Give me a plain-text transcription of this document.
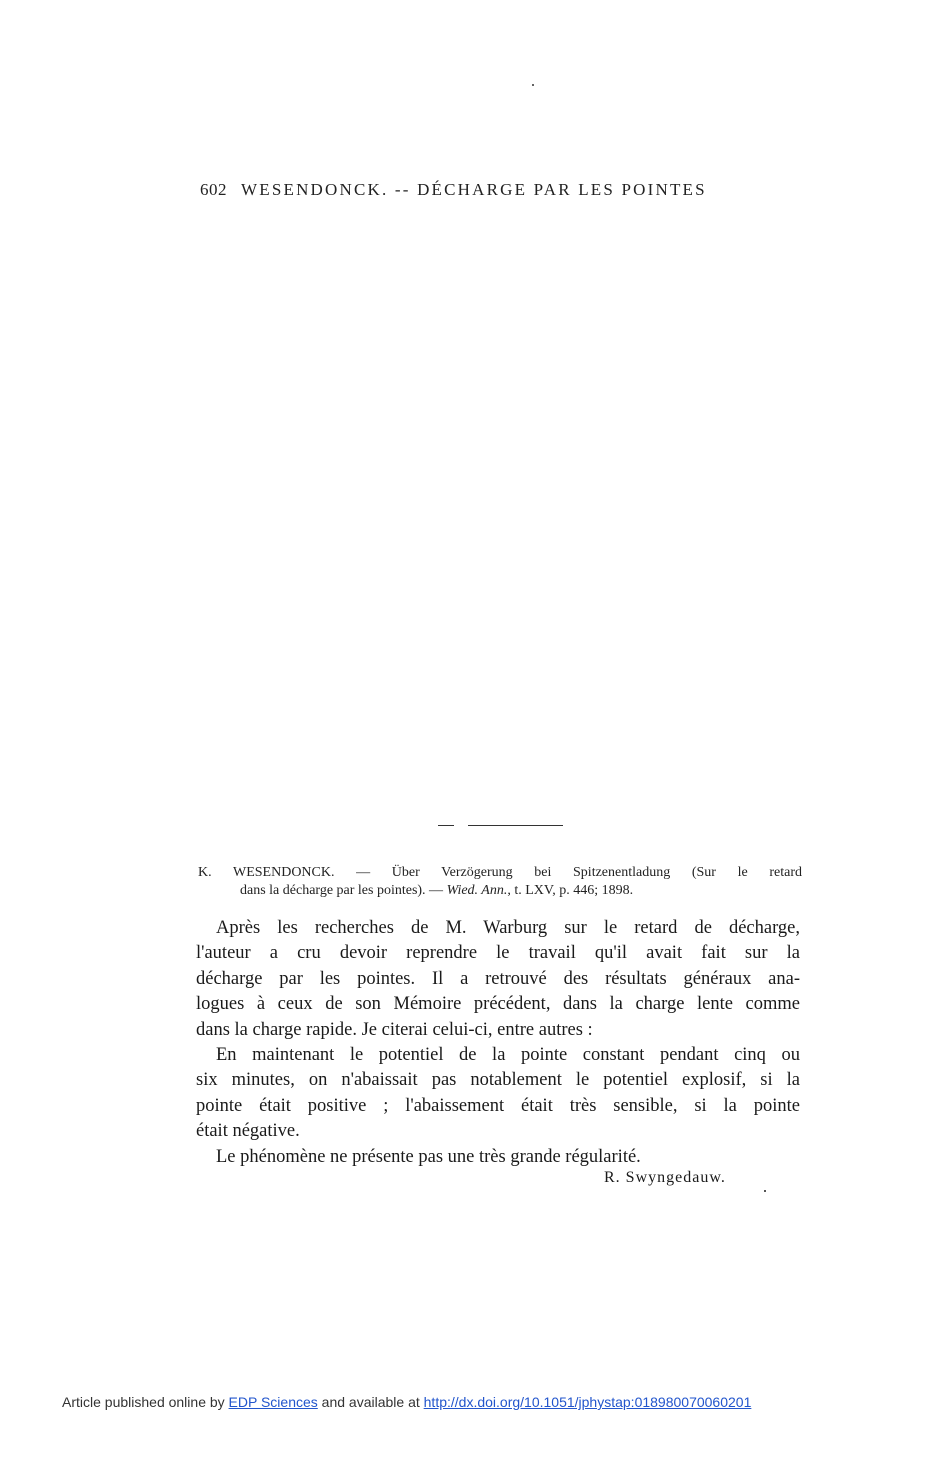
602 WESENDONCK. -- DÉCHARGE PAR LES POINTES
K. WESENDONCK. — Über Verzögerung bei Spitzenentladung (Sur le retard
dans la décharge par les pointes). — Wied. Ann., t. LXV, p. 446; 1898.
Après les recherches de M. Warburg sur le retard de décharge,
l'auteur a cru devoir reprendre le travail qu'il avait fait sur la
décharge par les pointes. Il a retrouvé des résultats généraux ana-
logues à ceux de son Mémoire précédent, dans la charge lente comme
dans la charge rapide. Je citerai celui-ci, entre autres :
En maintenant le potentiel de la pointe constant pendant cinq ou
six minutes, on n'abaissait pas notablement le potentiel explosif, si la
pointe était positive ; l'abaissement était très sensible, si la pointe
était négative.
Le phénomène ne présente pas une très grande régularité.
R. Swyngedauw.
Article published online by EDP Sciences and available at http://dx.doi.org/10.1051/jphystap:018980070060201
